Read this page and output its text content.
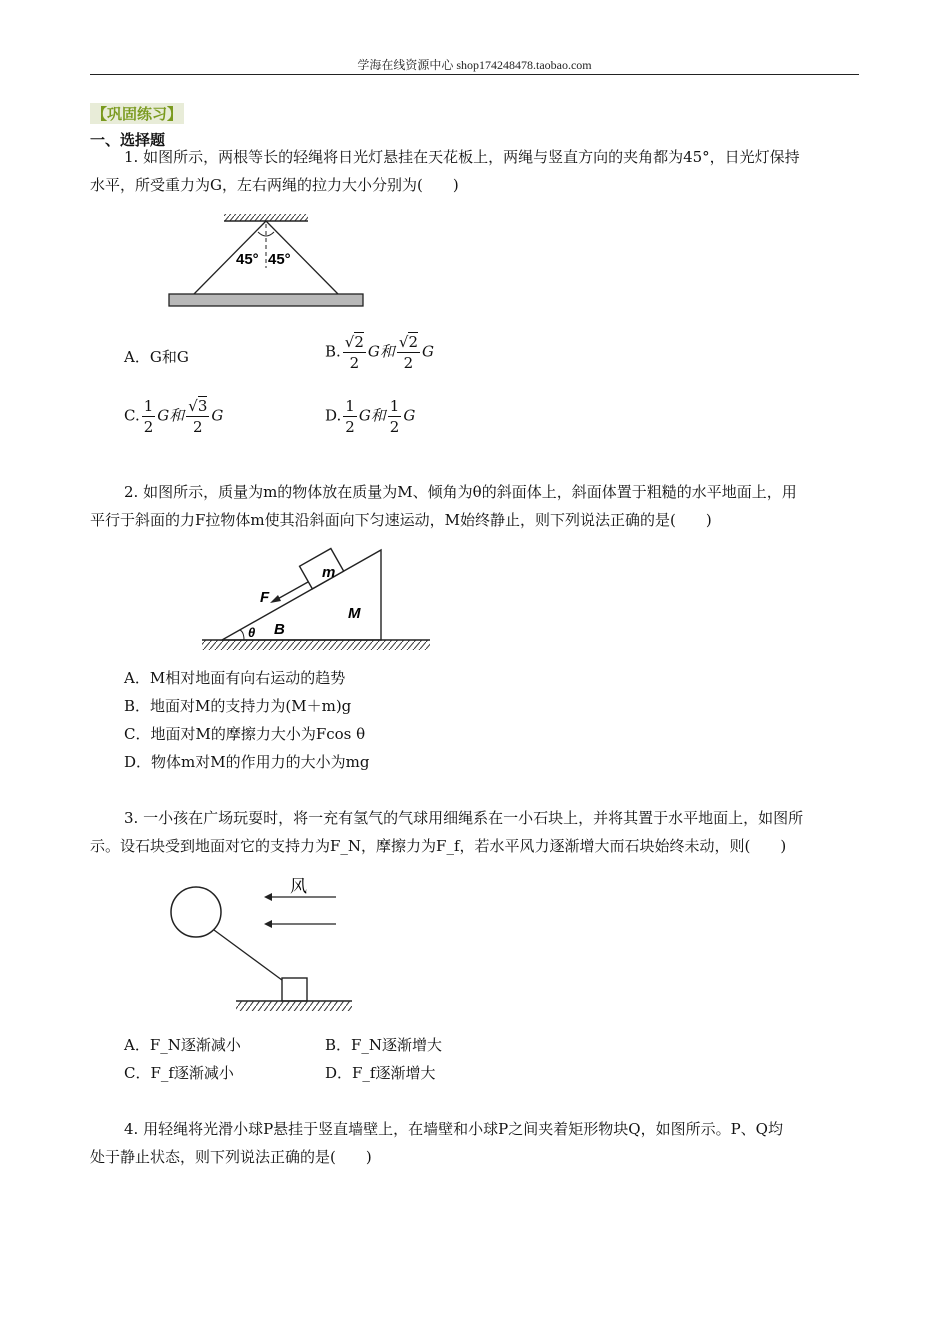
学海在线资源中心 shop174248478.taobao.com
【巩固练习】
一、选择题
1. 如图所示，两根等长的轻绳将日光灯悬挂在天花板上，两绳与竖直方向的夹角都为45°，日光灯保持
水平，所受重力为G，左右两绳的拉力大小分别为(　　)
45° 45°
A．G和G	B. $\frac{√2}{2}$ G和 $\frac{√2}{2}$ G
C. $\frac{1}{2}$ G和 $\frac{√3}{2}$ G	D. $\frac{1}{2}$ G和 $\frac{1}{2}$ G
2. 如图所示，质量为m的物体放在质量为M、倾角为θ的斜面体上，斜面体置于粗糙的水平地面上，用
平行于斜面的力F拉物体m使其沿斜面向下匀速运动，M始终静止，则下列说法正确的是(　　)
m
F
M
B
θ
A．M相对地面有向右运动的趋势
B．地面对M的支持力为(M＋m)g
C．地面对M的摩擦力大小为Fcos θ
D．物体m对M的作用力的大小为mg
3. 一小孩在广场玩耍时，将一充有氢气的气球用细绳系在一小石块上，并将其置于水平地面上，如图所
示。设石块受到地面对它的支持力为F_N，摩擦力为F_f，若水平风力逐渐增大而石块始终未动，则(　　)
风
A．F_N逐渐减小	B．F_N逐渐增大
C．F_f逐渐减小	D．F_f逐渐增大
4. 用轻绳将光滑小球P悬挂于竖直墙壁上，在墙壁和小球P之间夹着矩形物块Q，如图所示。P、Q均
处于静止状态，则下列说法正确的是(　　)
